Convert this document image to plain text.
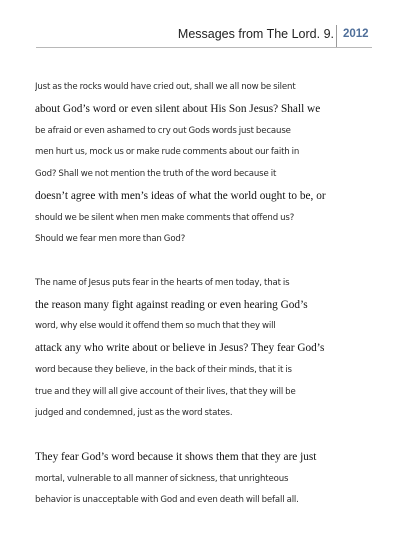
Messages from The Lord. 9. 2012
Just as the rocks would have cried out, shall we all now be silent
about God’s word or even silent about His Son Jesus? Shall we
be afraid or even ashamed to cry out Gods words just because
men hurt us, mock us or make rude comments about our faith in
God? Shall we not mention the truth of the word because it
doesn’t agree with men’s ideas of what the world ought to be, or
should we be silent when men make comments that offend us?
Should we fear men more than God?
The name of Jesus puts fear in the hearts of men today, that is
the reason many fight against reading or even hearing God’s
word, why else would it offend them so much that they will
attack any who write about or believe in Jesus? They fear God’s
word because they believe, in the back of their minds, that it is
true and they will all give account of their lives, that they will be
judged and condemned, just as the word states.
They fear God’s word because it shows them that they are just
mortal, vulnerable to all manner of sickness, that unrighteous
behavior is unacceptable with God and even death will befall all.
